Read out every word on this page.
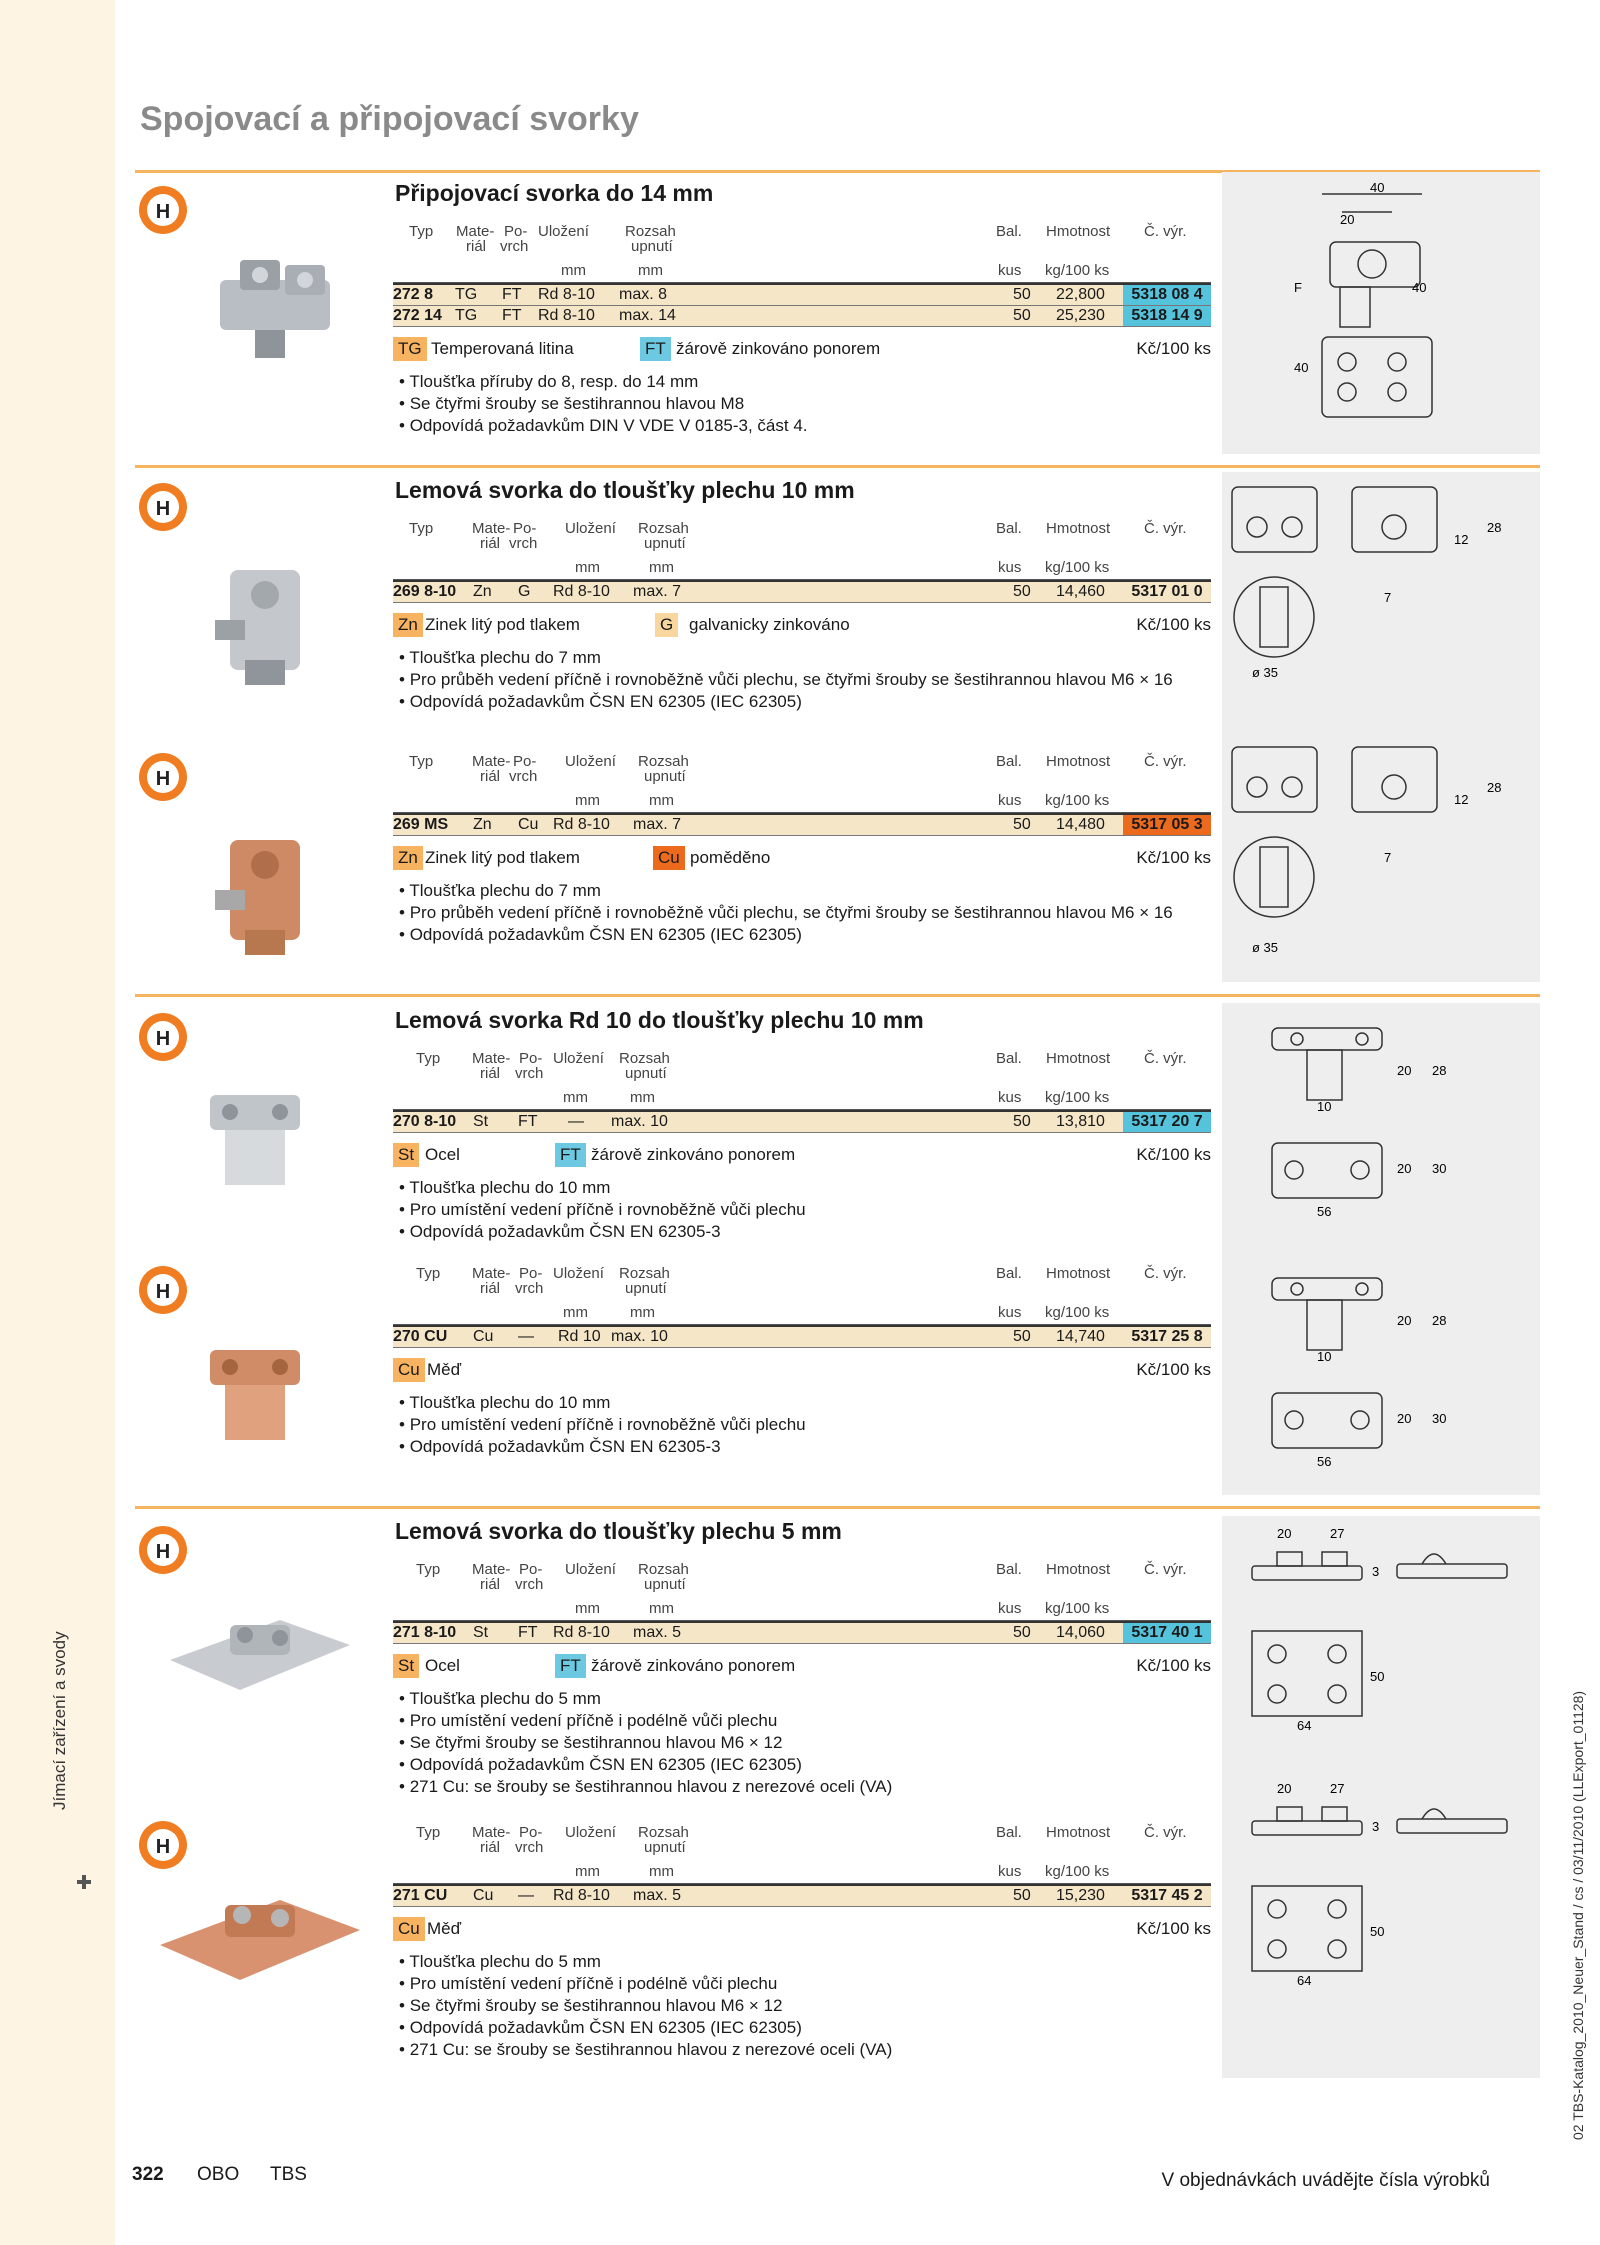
Spojovací a připojovací svorky
Jímací zařízení a svody	02 TBS-Katalog_2010_Neuer_Stand / cs / 03/11/2010 (LLExport_01128)
H
Připojovací svorka do 14 mm
Typ Mate-
riál
Po-
vrch
Uložení Rozsah
upnutí
Bal. Hmotnost Č. výr.
mm	mm	kus kg/100 ks
272 8 TG FT Rd 8-10 max. 8	50 22,800	5318 08 4
272 14 TG FT Rd 8-10 max. 14	50 25,230	5318 14 9
TG Temperovaná litina	FT žárově zinkováno ponorem	Kč/100 ks
• Tloušťka příruby do 8, resp. do 14 mm
• Se čtyřmi šrouby se šestihrannou hlavou M8
• Odpovídá požadavkům DIN V VDE V 0185-3, část 4.
40
20
F	40
40
H
H
Lemová svorka do tloušťky plechu 10 mm
Typ	Mate-
riál
Po-
vrch
Uložení Rozsah
upnutí
Bal. Hmotnost Č. výr.
mm	mm	kus kg/100 ks
269 8-10 Zn G Rd 8-10 max. 7	50 14,460	5317 01 0
Zn Zinek litý pod tlakem	G galvanicky zinkováno	Kč/100 ks
• Tloušťka plechu do 7 mm
• Pro průběh vedení příčně i rovnoběžně vůči plechu, se čtyřmi šrouby se šestihrannou hlavou M6 × 16
• Odpovídá požadavkům ČSN EN 62305 (IEC 62305)
Typ	Mate-
riál
Po-
vrch
Uložení Rozsah
upnutí
Bal. Hmotnost Č. výr.
mm	mm	kus kg/100 ks
269 MS Zn Cu Rd 8-10 max. 7	50 14,480	5317 05 3
Zn Zinek litý pod tlakem	Cu poměděno	Kč/100 ks
• Tloušťka plechu do 7 mm
• Pro průběh vedení příčně i rovnoběžně vůči plechu, se čtyřmi šrouby se šestihrannou hlavou M6 × 16
• Odpovídá požadavkům ČSN EN 62305 (IEC 62305)
12
28
7
ø 35
12
28
7
ø 35
H
H
Lemová svorka Rd 10 do tloušťky plechu 10 mm
Typ Mate-
riál
Po-
vrch
Uložení Rozsah
upnutí
Bal. Hmotnost Č. výr.
mm	mm	kus kg/100 ks
270 8-10 St FT — max. 10	50 13,810	5317 20 7
St Ocel	FT žárově zinkováno ponorem	Kč/100 ks
• Tloušťka plechu do 10 mm
• Pro umístění vedení příčně i rovnoběžně vůči plechu
• Odpovídá požadavkům ČSN EN 62305-3
Typ Mate-
riál
Po-
vrch
Uložení Rozsah
upnutí
Bal. Hmotnost Č. výr.
mm	mm	kus kg/100 ks
270 CU Cu — Rd 10 max. 10	50 14,740	5317 25 8
Cu Měď	Kč/100 ks
• Tloušťka plechu do 10 mm
• Pro umístění vedení příčně i rovnoběžně vůči plechu
• Odpovídá požadavkům ČSN EN 62305-3
20 28
10
20 30
56
20 28
10
20 30
56
H
H
Lemová svorka do tloušťky plechu 5 mm
Typ Mate-
riál
Po-
vrch
Uložení Rozsah
upnutí
Bal. Hmotnost Č. výr.
mm	mm	kus kg/100 ks
271 8-10 St FT Rd 8-10 max. 5	50 14,060	5317 40 1
St Ocel	FT žárově zinkováno ponorem	Kč/100 ks
• Tloušťka plechu do 5 mm
• Pro umístění vedení příčně i podélně vůči plechu
• Se čtyřmi šrouby se šestihrannou hlavou M6 × 12
• Odpovídá požadavkům ČSN EN 62305 (IEC 62305)
• 271 Cu: se šrouby se šestihrannou hlavou z nerezové oceli (VA)
Typ Mate-
riál
Po-
vrch
Uložení Rozsah
upnutí
Bal. Hmotnost Č. výr.
mm	mm	kus kg/100 ks
271 CU Cu — Rd 8-10 max. 5	50 15,230	5317 45 2
Cu Měď	Kč/100 ks
• Tloušťka plechu do 5 mm
• Pro umístění vedení příčně i podélně vůči plechu
• Se čtyřmi šrouby se šestihrannou hlavou M6 × 12
• Odpovídá požadavkům ČSN EN 62305 (IEC 62305)
• 271 Cu: se šrouby se šestihrannou hlavou z nerezové oceli (VA)
20	27
3
50
64
20	27
3
50
64
322 OBO TBS	V objednávkách uvádějte čísla výrobků
